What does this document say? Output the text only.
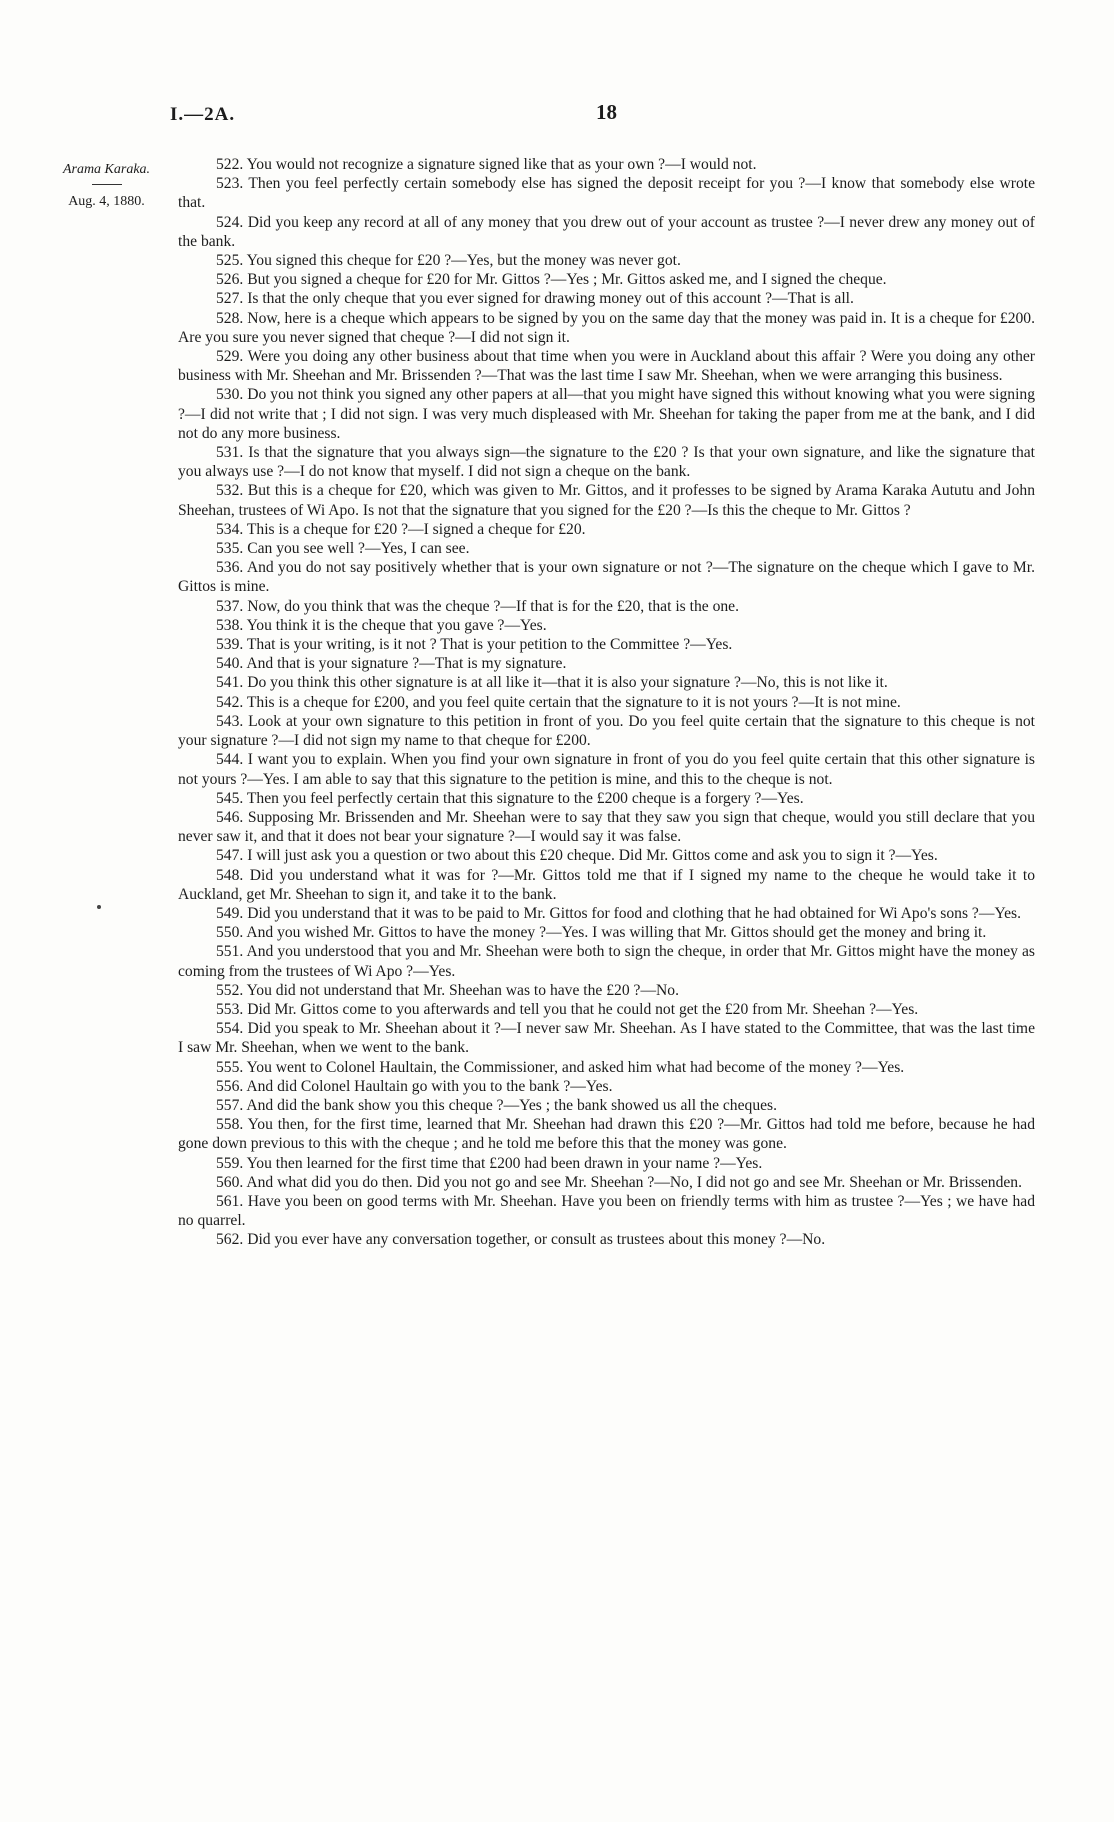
I.—2A.	18
Arama Karaka.
Aug. 4, 1880.

522. You would not recognize a signature signed like that as your own ?—I would not.

523. Then you feel perfectly certain somebody else has signed the deposit receipt for you ?—I know that somebody else wrote that.

524. Did you keep any record at all of any money that you drew out of your account as trustee ?—I never drew any money out of the bank.

525. You signed this cheque for £20 ?—Yes, but the money was never got.

526. But you signed a cheque for £20 for Mr. Gittos ?—Yes ; Mr. Gittos asked me, and I signed the cheque.

527. Is that the only cheque that you ever signed for drawing money out of this account ?—That is all.

528. Now, here is a cheque which appears to be signed by you on the same day that the money was paid in. It is a cheque for £200. Are you sure you never signed that cheque ?—I did not sign it.

529. Were you doing any other business about that time when you were in Auckland about this affair ? Were you doing any other business with Mr. Sheehan and Mr. Brissenden ?—That was the last time I saw Mr. Sheehan, when we were arranging this business.

530. Do you not think you signed any other papers at all—that you might have signed this without knowing what you were signing ?—I did not write that ; I did not sign. I was very much displeased with Mr. Sheehan for taking the paper from me at the bank, and I did not do any more business.

531. Is that the signature that you always sign—the signature to the £20 ? Is that your own signature, and like the signature that you always use ?—I do not know that myself. I did not sign a cheque on the bank.

532. But this is a cheque for £20, which was given to Mr. Gittos, and it professes to be signed by Arama Karaka Aututu and John Sheehan, trustees of Wi Apo. Is not that the signature that you signed for the £20 ?—Is this the cheque to Mr. Gittos ?

534. This is a cheque for £20 ?—I signed a cheque for £20.

535. Can you see well ?—Yes, I can see.

536. And you do not say positively whether that is your own signature or not ?—The signature on the cheque which I gave to Mr. Gittos is mine.

537. Now, do you think that was the cheque ?—If that is for the £20, that is the one.

538. You think it is the cheque that you gave ?—Yes.

539. That is your writing, is it not ? That is your petition to the Committee ?—Yes.

540. And that is your signature ?—That is my signature.

541. Do you think this other signature is at all like it—that it is also your signature ?—No, this is not like it.

542. This is a cheque for £200, and you feel quite certain that the signature to it is not yours ?—It is not mine.

543. Look at your own signature to this petition in front of you. Do you feel quite certain that the signature to this cheque is not your signature ?—I did not sign my name to that cheque for £200.

544. I want you to explain. When you find your own signature in front of you do you feel quite certain that this other signature is not yours ?—Yes. I am able to say that this signature to the petition is mine, and this to the cheque is not.

545. Then you feel perfectly certain that this signature to the £200 cheque is a forgery ?—Yes.

546. Supposing Mr. Brissenden and Mr. Sheehan were to say that they saw you sign that cheque, would you still declare that you never saw it, and that it does not bear your signature ?—I would say it was false.

547. I will just ask you a question or two about this £20 cheque. Did Mr. Gittos come and ask you to sign it ?—Yes.

548. Did you understand what it was for ?—Mr. Gittos told me that if I signed my name to the cheque he would take it to Auckland, get Mr. Sheehan to sign it, and take it to the bank.

549. Did you understand that it was to be paid to Mr. Gittos for food and clothing that he had obtained for Wi Apo's sons ?—Yes.

550. And you wished Mr. Gittos to have the money ?—Yes. I was willing that Mr. Gittos should get the money and bring it.

551. And you understood that you and Mr. Sheehan were both to sign the cheque, in order that Mr. Gittos might have the money as coming from the trustees of Wi Apo ?—Yes.

552. You did not understand that Mr. Sheehan was to have the £20 ?—No.

553. Did Mr. Gittos come to you afterwards and tell you that he could not get the £20 from Mr. Sheehan ?—Yes.

554. Did you speak to Mr. Sheehan about it ?—I never saw Mr. Sheehan. As I have stated to the Committee, that was the last time I saw Mr. Sheehan, when we went to the bank.

555. You went to Colonel Haultain, the Commissioner, and asked him what had become of the money ?—Yes.

556. And did Colonel Haultain go with you to the bank ?—Yes.

557. And did the bank show you this cheque ?—Yes ; the bank showed us all the cheques.

558. You then, for the first time, learned that Mr. Sheehan had drawn this £20 ?—Mr. Gittos had told me before, because he had gone down previous to this with the cheque ; and he told me before this that the money was gone.

559. You then learned for the first time that £200 had been drawn in your name ?—Yes.

560. And what did you do then. Did you not go and see Mr. Sheehan ?—No, I did not go and see Mr. Sheehan or Mr. Brissenden.

561. Have you been on good terms with Mr. Sheehan. Have you been on friendly terms with him as trustee ?—Yes ; we have had no quarrel.

562. Did you ever have any conversation together, or consult as trustees about this money ?—No.
